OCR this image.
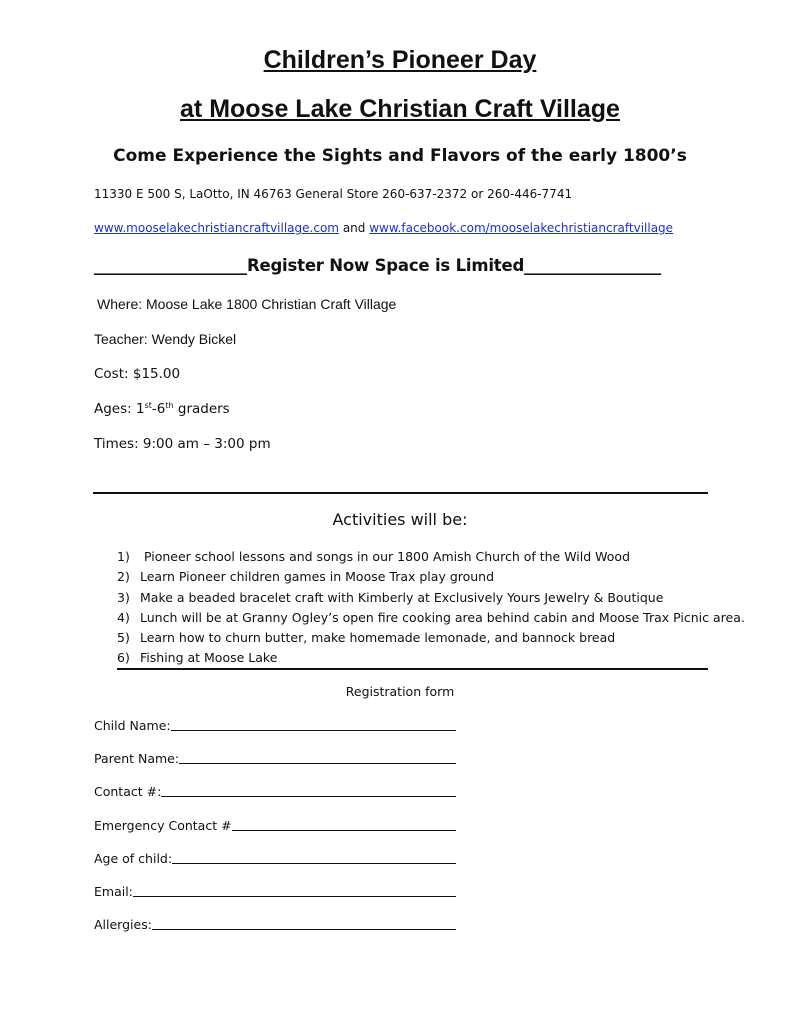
Children’s Pioneer Day
at Moose Lake Christian Craft Village
Come Experience the Sights and Flavors of the early 1800’s
11330 E 500 S, LaOtto, IN 46763 General Store 260-637-2372 or 260-446-7741
www.mooselakechristiancraftvillage.com and www.facebook.com/mooselakechristiancraftvillage
___________________Register Now Space is Limited_________________
Where: Moose Lake 1800 Christian Craft Village
Teacher: Wendy Bickel
Cost: $15.00
Ages: 1st-6th graders
Times: 9:00 am – 3:00 pm
Activities will be:
1) Pioneer school lessons and songs in our 1800 Amish Church of the Wild Wood
2) Learn Pioneer children games in Moose Trax play ground
3) Make a beaded bracelet craft with Kimberly at Exclusively Yours Jewelry & Boutique
4) Lunch will be at Granny Ogley’s open fire cooking area behind cabin and Moose Trax Picnic area.
5) Learn how to churn butter, make homemade lemonade, and bannock bread
6) Fishing at Moose Lake
Registration form
Child Name:
Parent Name:
Contact #:
Emergency Contact #
Age of child:
Email:
Allergies:
